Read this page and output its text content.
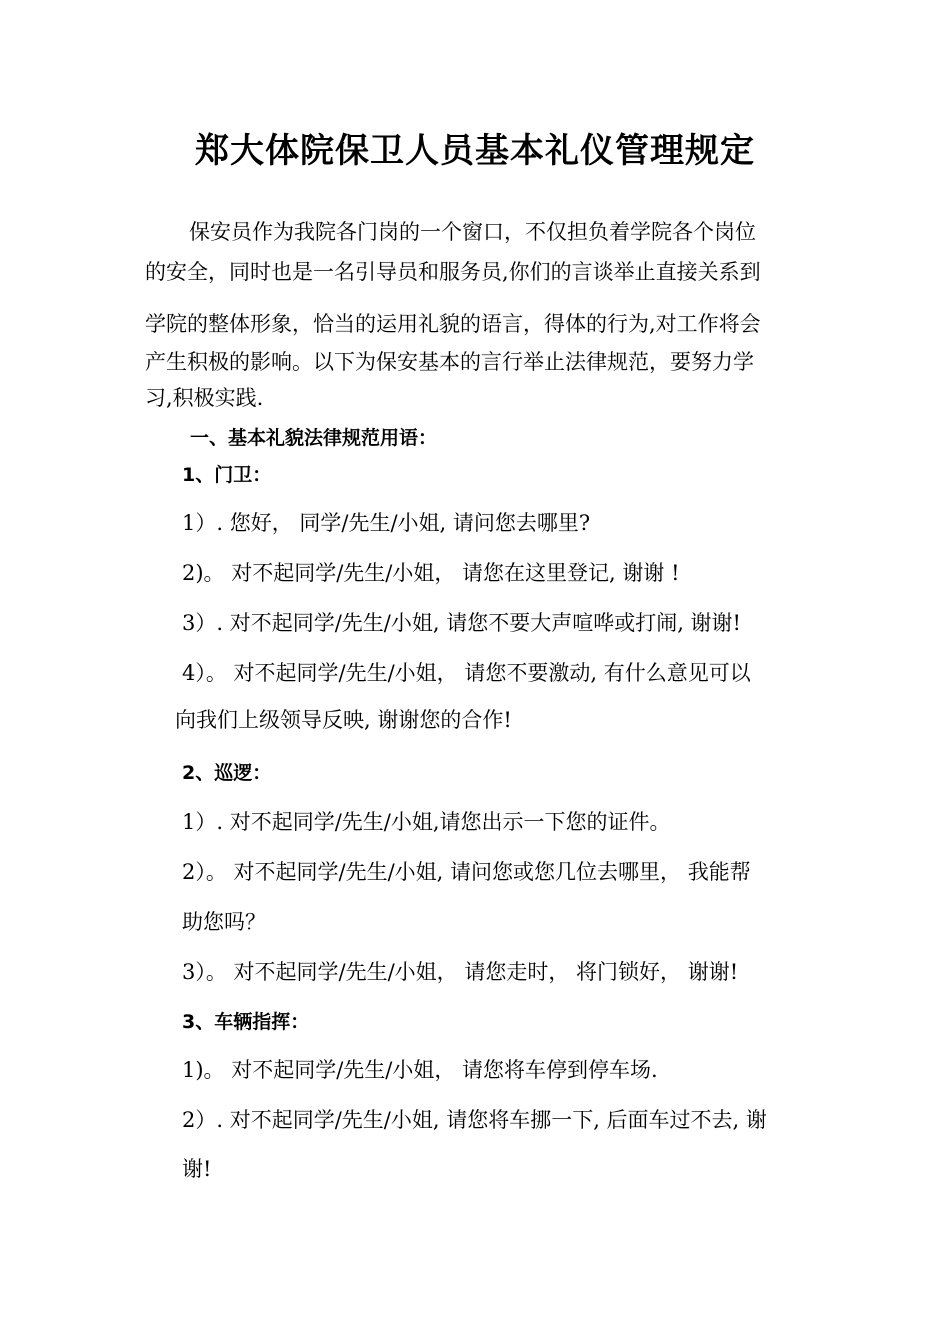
郑大体院保卫人员基本礼仪管理规定
保安员作为我院各门岗的一个窗口，不仅担负着学院各个岗位
的安全，同时也是一名引导员和服务员,你们的言谈举止直接关系到
学院的整体形象，恰当的运用礼貌的语言，得体的行为,对工作将会
产生积极的影响。以下为保安基本的言行举止法律规范，要努力学
习,积极实践.
一、基本礼貌法律规范用语：
1、门卫：
1）. 您好， 同学/先生/小姐, 请问您去哪里?
2)。 对不起同学/先生/小姐， 请您在这里登记, 谢谢 !
3）. 对不起同学/先生/小姐, 请您不要大声喧哗或打闹, 谢谢!
4）。 对不起同学/先生/小姐， 请您不要激动, 有什么意见可以
向我们上级领导反映, 谢谢您的合作!
2、巡逻：
1）. 对不起同学/先生/小姐,请您出示一下您的证件。
2）。 对不起同学/先生/小姐, 请问您或您几位去哪里， 我能帮
助您吗？
3）。 对不起同学/先生/小姐， 请您走时， 将门锁好， 谢谢!
3、车辆指挥：
1)。 对不起同学/先生/小姐， 请您将车停到停车场.
2）. 对不起同学/先生/小姐, 请您将车挪一下, 后面车过不去, 谢
谢!
